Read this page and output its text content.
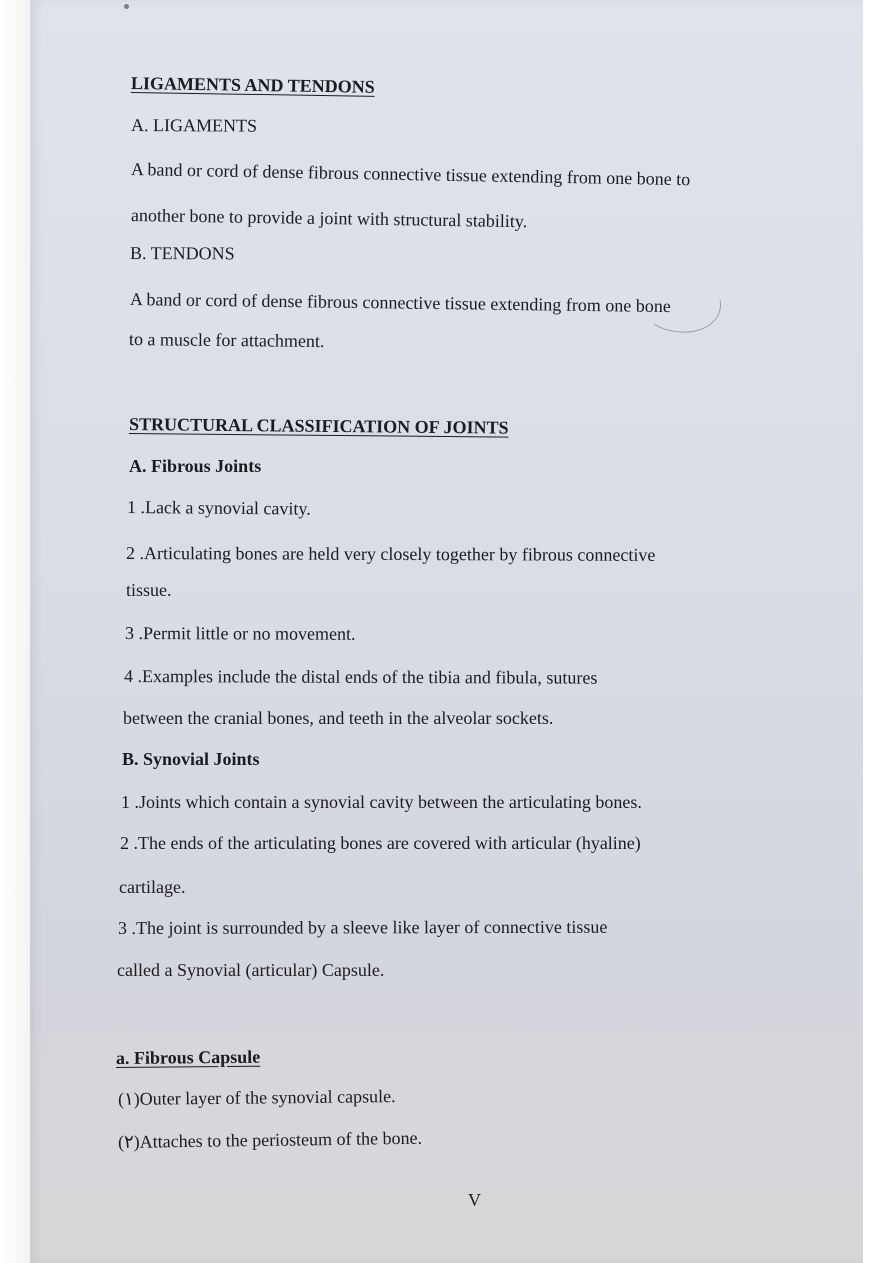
LIGAMENTS AND TENDONS
A. LIGAMENTS
A band or cord of dense fibrous connective tissue extending from one bone to
another bone to provide a joint with structural stability.
B. TENDONS
A band or cord of dense fibrous connective tissue extending from one bone
to a muscle for attachment.
STRUCTURAL CLASSIFICATION OF JOINTS
A. Fibrous Joints
1 .Lack a synovial cavity.
2 .Articulating bones are held very closely together by fibrous connective
tissue.
3 .Permit little or no movement.
4 .Examples include the distal ends of the tibia and fibula, sutures
between the cranial bones, and teeth in the alveolar sockets.
B. Synovial Joints
1 .Joints which contain a synovial cavity between the articulating bones.
2 .The ends of the articulating bones are covered with articular (hyaline)
cartilage.
3 .The joint is surrounded by a sleeve like layer of connective tissue
called a Synovial (articular) Capsule.
a. Fibrous Capsule
(١)Outer layer of the synovial capsule.
(٢)Attaches to the periosteum of the bone.
V
